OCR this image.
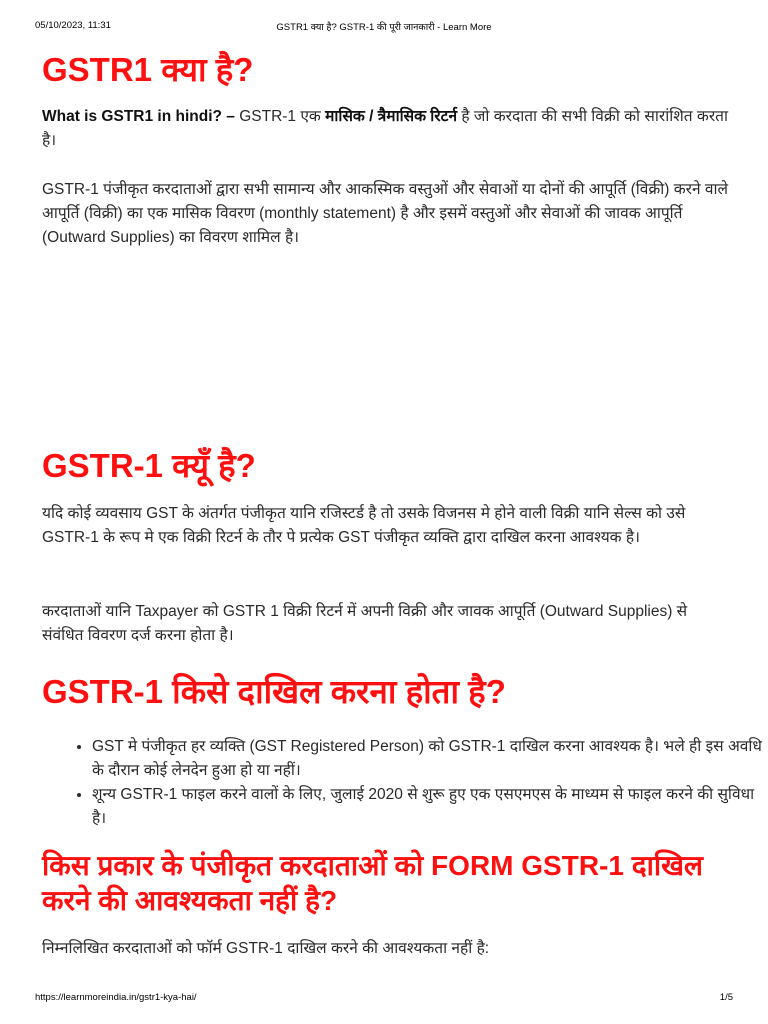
05/10/2023, 11:31	GSTR1 क्या है? GSTR-1 की पूरी जानकारी - Learn More
GSTR1 क्या है?

What is GSTR1 in hindi? – GSTR-1 एक मासिक / त्रैमासिक रिटर्न है जो करदाता की सभी विक्री को सारांशित करता है।

GSTR-1 पंजीकृत करदाताओं द्वारा सभी सामान्य और आकस्मिक वस्तुओं और सेवाओं या दोनों की आपूर्ति (विक्री) करने वाले आपूर्ति (विक्री) का एक मासिक विवरण (monthly statement) है और इसमें वस्तुओं और सेवाओं की जावक आपूर्ति (Outward Supplies) का विवरण शामिल है।

GSTR-1 क्यूँ है?

यदि कोई व्यवसाय GST के अंतर्गत पंजीकृत यानि रजिस्टर्ड है तो उसके विजनस मे होने वाली विक्री यानि सेल्स को उसे GSTR-1 के रूप मे एक विक्री रिटर्न के तौर पे प्रत्येक GST पंजीकृत व्यक्ति द्वारा दाखिल करना आवश्यक है।

करदाताओं यानि Taxpayer को GSTR 1 विक्री रिटर्न में अपनी विक्री और जावक आपूर्ति (Outward Supplies) से संवंधित विवरण दर्ज करना होता है।

GSTR-1 किसे दाखिल करना होता है?
• GST मे पंजीकृत हर व्यक्ति (GST Registered Person) को GSTR-1 दाखिल करना आवश्यक है। भले ही इस अवधि के दौरान कोई लेनदेन हुआ हो या नहीं।
• शून्य GSTR-1 फाइल करने वालों के लिए, जुलाई 2020 से शुरू हुए एक एसएमएस के माध्यम से फाइल करने की सुविधा है।
किस प्रकार के पंजीकृत करदाताओं को FORM GSTR-1 दाखिल करने की आवश्यकता नहीं है?

निम्नलिखित करदाताओं को फॉर्म GSTR-1 दाखिल करने की आवश्यकता नहीं है:

https://learnmoreindia.in/gstr1-kya-hai/	1/5
